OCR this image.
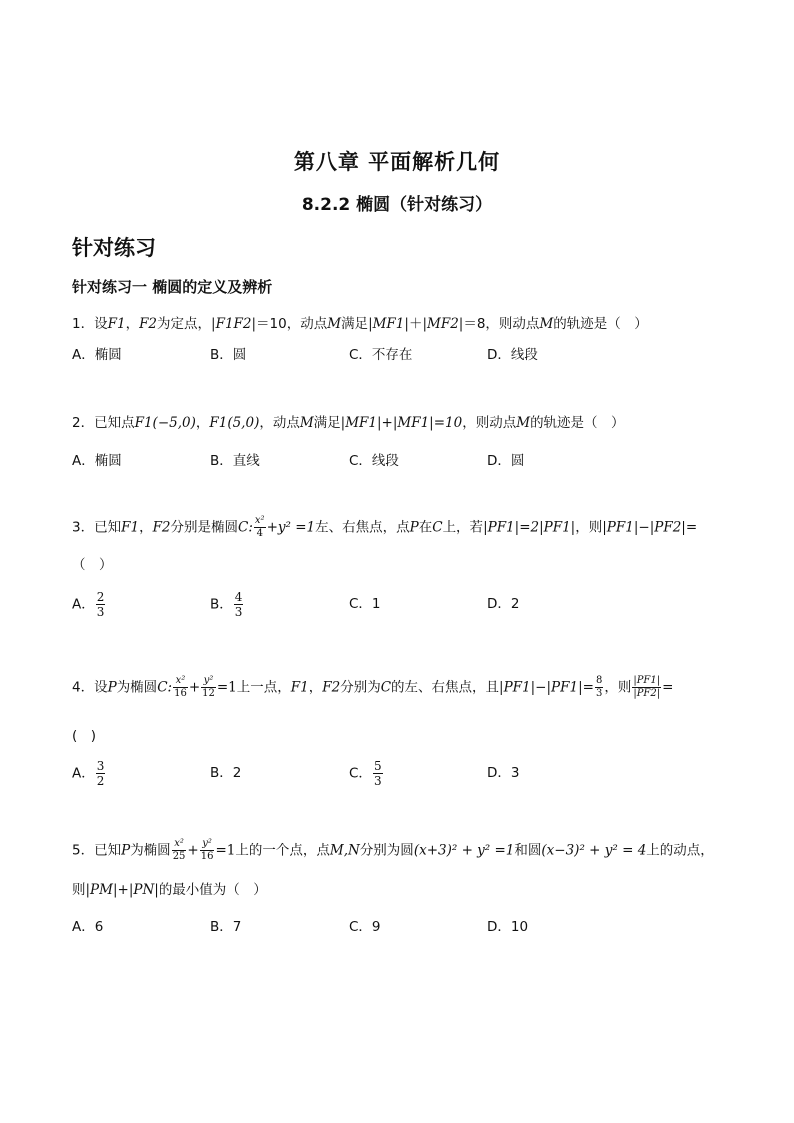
第八章 平面解析几何
8.2.2 椭圆（针对练习）
针对练习
针对练习一 椭圆的定义及辨析
1．设F1，F2为定点，|F1F2|＝10，动点M满足|MF1|＋|MF2|＝8，则动点M的轨迹是（　）
A．椭圆	B．圆	C．不存在	D．线段
2．已知点F1(−5,0)，F1(5,0)，动点M满足|MF1|+|MF1|=10，则动点M的轨迹是（　）
A．椭圆	B．直线	C．线段	D．圆
3．已知F1，F2分别是椭圆C: $\frac{\text{x²}}{4} +y^2 =1$左、右焦点，点P在C上，若|PF1|=2|PF1|，则|PF1|−|PF2|=
（　）
A． $\frac{2}{3}$	B． $\frac{4}{3}$	C．1	D．2
4．设P为椭圆C: $\frac{\text{x²}}{16} + \frac{\text{y²}}{12} =1$上一点，F1，F2分别为C的左、右焦点，且$|PF1|-|PF1|= \frac{8}{3}$ ，则 $\frac{|PF1|}{|PF2|}$ =
(　)
A． $\frac{3}{2}$	B．2	C． $\frac{5}{3}$	D．3
5．已知P为椭圆 $\frac{\text{x²}}{25} + \frac{\text{y²}}{16} =1$上的一个点，点M,N分别为圆(x+3)² + y² =1和圆(x−3)² + y² = 4上的动点，
则|PM|+|PN|的最小值为（　）
A．6	B．7	C．9	D．10
